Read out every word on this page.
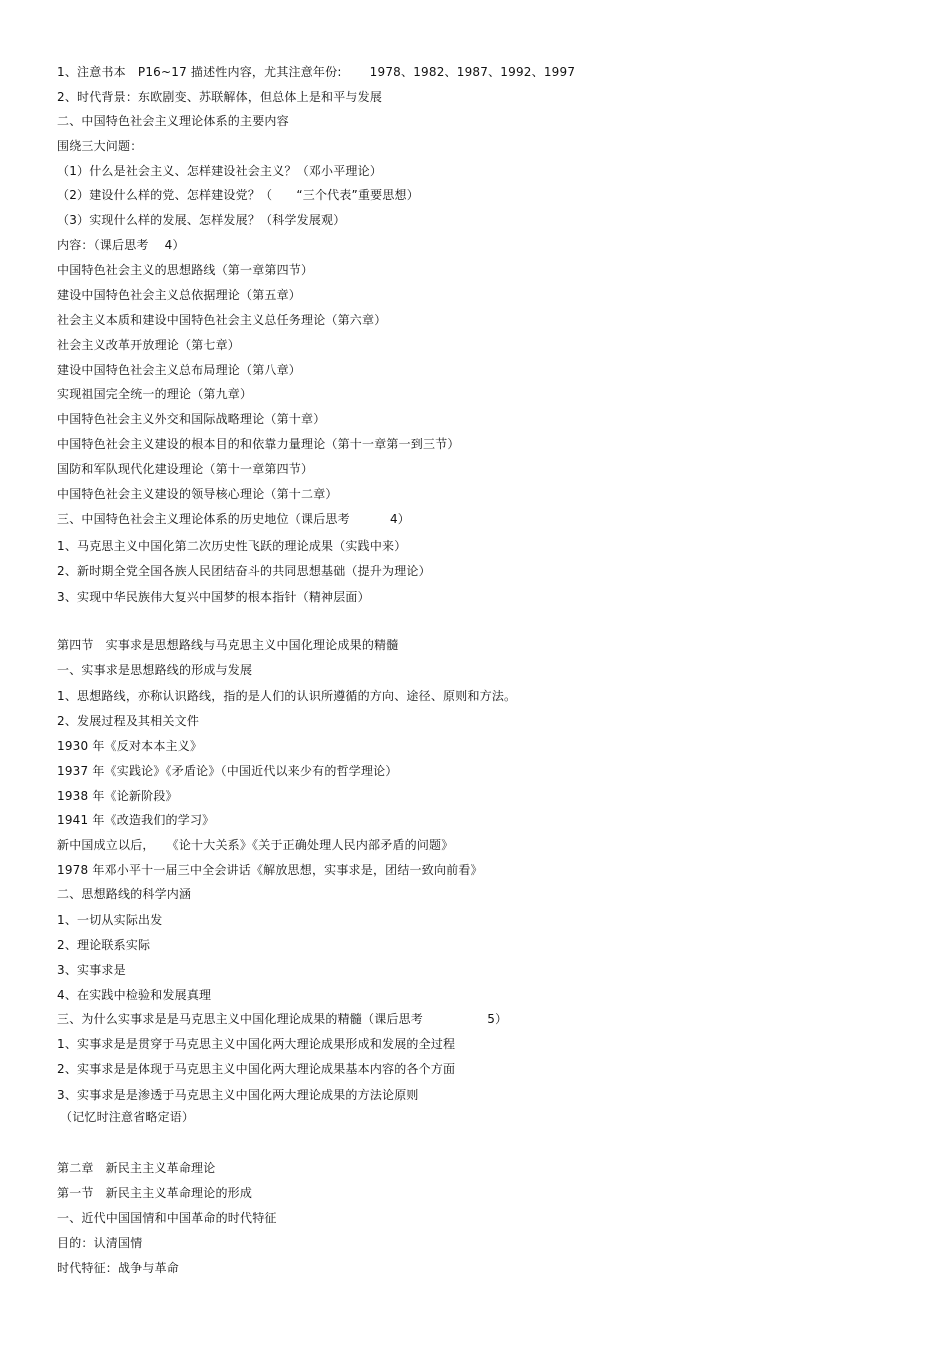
1、注意书本   P16~17 描述性内容，尤其注意年份:       1978、1982、1987、1992、1997
2、时代背景：东欧剧变、苏联解体，但总体上是和平与发展
二、中国特色社会主义理论体系的主要内容
围绕三大问题：
（1）什么是社会主义、怎样建设社会主义？（邓小平理论）
（2）建设什么样的党、怎样建设党？（      “三个代表”重要思想）
（3）实现什么样的发展、怎样发展？（科学发展观）
内容：（课后思考    4）
中国特色社会主义的思想路线（第一章第四节）
建设中国特色社会主义总依据理论（第五章）
社会主义本质和建设中国特色社会主义总任务理论（第六章）
社会主义改革开放理论（第七章）
建设中国特色社会主义总布局理论（第八章）
实现祖国完全统一的理论（第九章）
中国特色社会主义外交和国际战略理论（第十章）
中国特色社会主义建设的根本目的和依靠力量理论（第十一章第一到三节）
国防和军队现代化建设理论（第十一章第四节）
中国特色社会主义建设的领导核心理论（第十二章）
三、中国特色社会主义理论体系的历史地位（课后思考          4）
1、马克思主义中国化第二次历史性飞跃的理论成果（实践中来）
2、新时期全党全国各族人民团结奋斗的共同思想基础（提升为理论）
3、实现中华民族伟大复兴中国梦的根本指针（精神层面）
第四节   实事求是思想路线与马克思主义中国化理论成果的精髓
一、实事求是思想路线的形成与发展
1、思想路线，亦称认识路线，指的是人们的认识所遵循的方向、途径、原则和方法。
2、发展过程及其相关文件
1930 年《反对本本主义》
1937 年《实践论》《矛盾论》（中国近代以来少有的哲学理论）
1938 年《论新阶段》
1941 年《改造我们的学习》
新中国成立以后，   《论十大关系》《关于正确处理人民内部矛盾的问题》
1978 年邓小平十一届三中全会讲话《解放思想，实事求是，团结一致向前看》
二、思想路线的科学内涵
1、一切从实际出发
2、理论联系实际
3、实事求是
4、在实践中检验和发展真理
三、为什么实事求是是马克思主义中国化理论成果的精髓（课后思考                5）
1、实事求是是贯穿于马克思主义中国化两大理论成果形成和发展的全过程
2、实事求是是体现于马克思主义中国化两大理论成果基本内容的各个方面
3、实事求是是渗透于马克思主义中国化两大理论成果的方法论原则
（记忆时注意省略定语）
第二章   新民主主义革命理论
第一节   新民主主义革命理论的形成
一、近代中国国情和中国革命的时代特征
目的：认清国情
时代特征：战争与革命
